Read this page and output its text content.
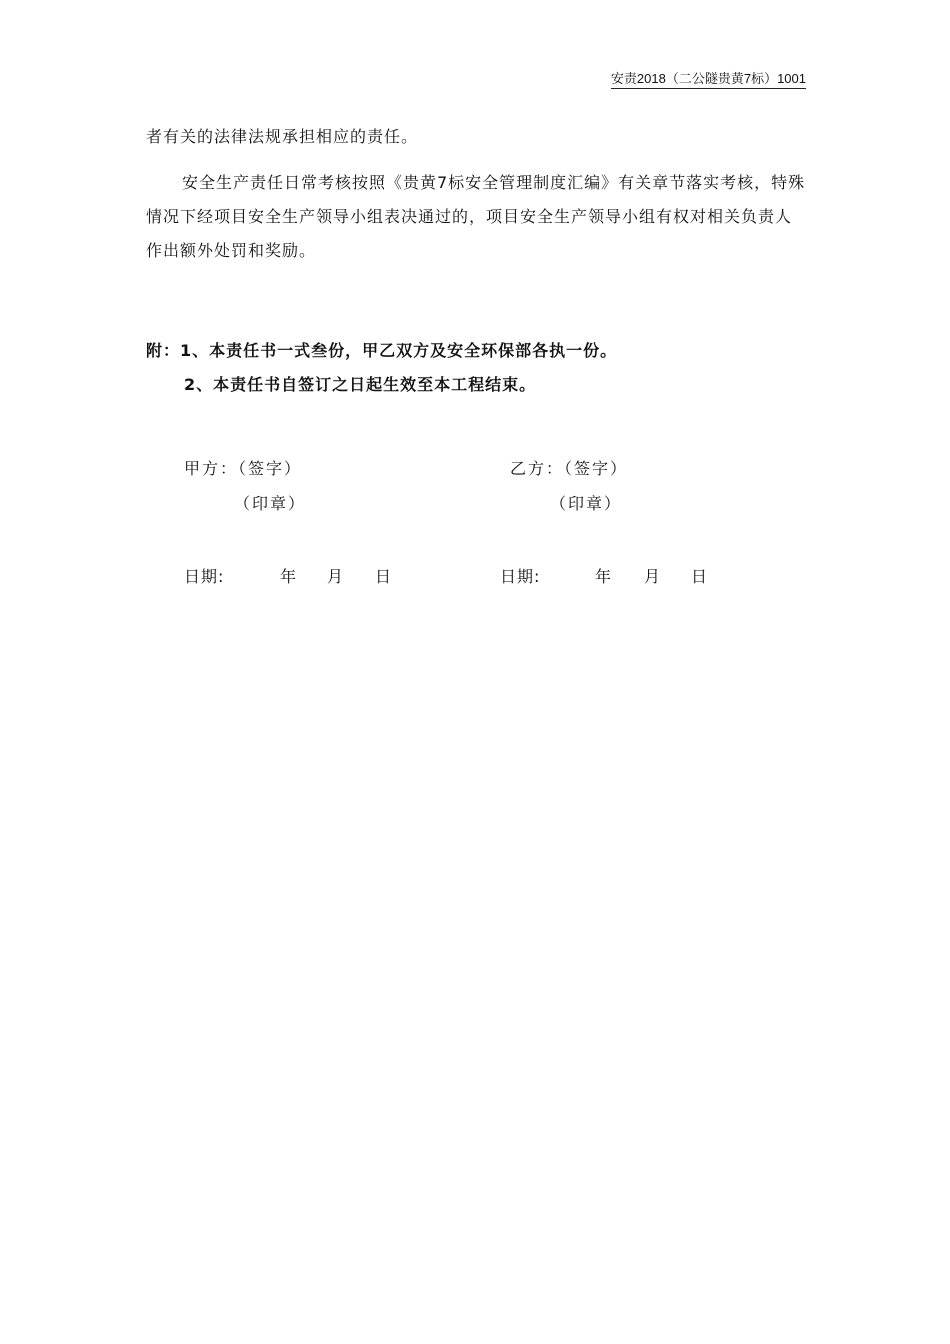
安责2018（二公隧贵黄7标）1001

者有关的法律法规承担相应的责任。

安全生产责任日常考核按照《贵黄7标安全管理制度汇编》有关章节落实考核，特殊情况下经项目安全生产领导小组表决通过的，项目安全生产领导小组有权对相关负责人作出额外处罚和奖励。

附：1、本责任书一式叁份，甲乙双方及安全环保部各执一份。
2、本责任书自签订之日起生效至本工程结束。
甲方：（签字）
（印章）
乙方：（签字）
（印章）
日期:	年 月 日	日期:	年 月 日
